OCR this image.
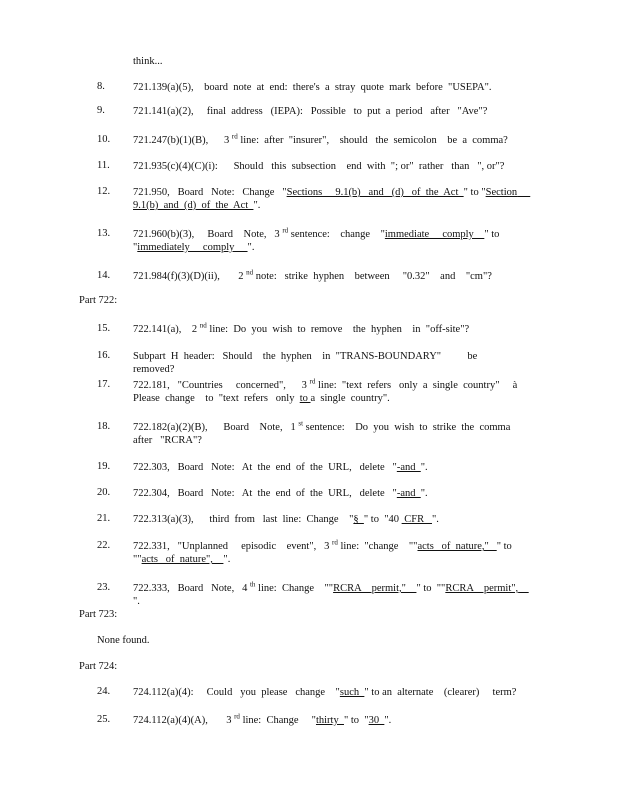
think...
Part 722:
Part 723:
None found.
Part 724:
8.	721.139(a)(5),    board  note  at  end:  there's  a  stray  quote  mark  before  "USEPA".
9.	721.141(a)(2),     final  address   (IEPA):   Possible   to  put  a  period   after   "Ave"?
10. 721.247(b)(1)(B),      3 $^{rd}$ line:  after  "insurer",    should   the  semicolon    be  a  comma?
11. 721.935(c)(4)(C)(i):      Should   this  subsection    end  with  "; or"  rather   than   ", or"?
12. 721.950,   Board   Note:   Change   "Sections     9.1(b)   and   (d)   of  the  Act  " to "Section     9.1(b)  and  (d)  of  the  Act  ".
13. 721.960(b)(3),     Board    Note,   3 $^{rd}$ sentence:    change    "immediate     comply    " to  "immediately     comply     ".
14. 721.984(f)(3)(D)(ii),       2 $^{nd}$ note:   strike  hyphen    between     "0.32"    and    "cm"?
15. 722.141(a),    2 $^{nd}$ line:  Do  you  wish  to  remove    the  hyphen    in  "off-site"?
16. Subpart  H  header:   Should    the  hyphen    in  "TRANS-BOUNDARY"          be  removed?
17. 722.181,   "Countries     concerned",      3 $^{rd}$ line:  "text  refers   only  a  single  country"     à   Please  change    to  "text  refers   only  to a  single  country".
18. 722.182(a)(2)(B),      Board    Note,   1 $^{st}$ sentence:    Do  you  wish  to  strike  the  comma     after   "RCRA"?
19. 722.303,   Board   Note:   At  the  end  of  the  URL,   delete   "-and  ".
20. 722.304,   Board   Note:   At  the  end  of  the  URL,   delete   "-and  ".
21. 722.313(a)(3),      third  from   last  line:  Change    "§  " to  "40  CFR   ".
22. 722.331,   "Unplanned     episodic    event",   3 $^{rd}$ line:  "change    ""acts   of  nature,"   " to  ""acts   of  nature",    ".
23. 722.333,   Board   Note,   4 $^{th}$ line:  Change    ""RCRA    permit,"    " to  ""RCRA    permit",    ".
24. 724.112(a)(4):     Could   you  please   change    "such  " to an  alternate    (clearer)     term?
25. 724.112(a)(4)(A),       3 $^{rd}$ line:  Change     "thirty  " to  "30  ".
